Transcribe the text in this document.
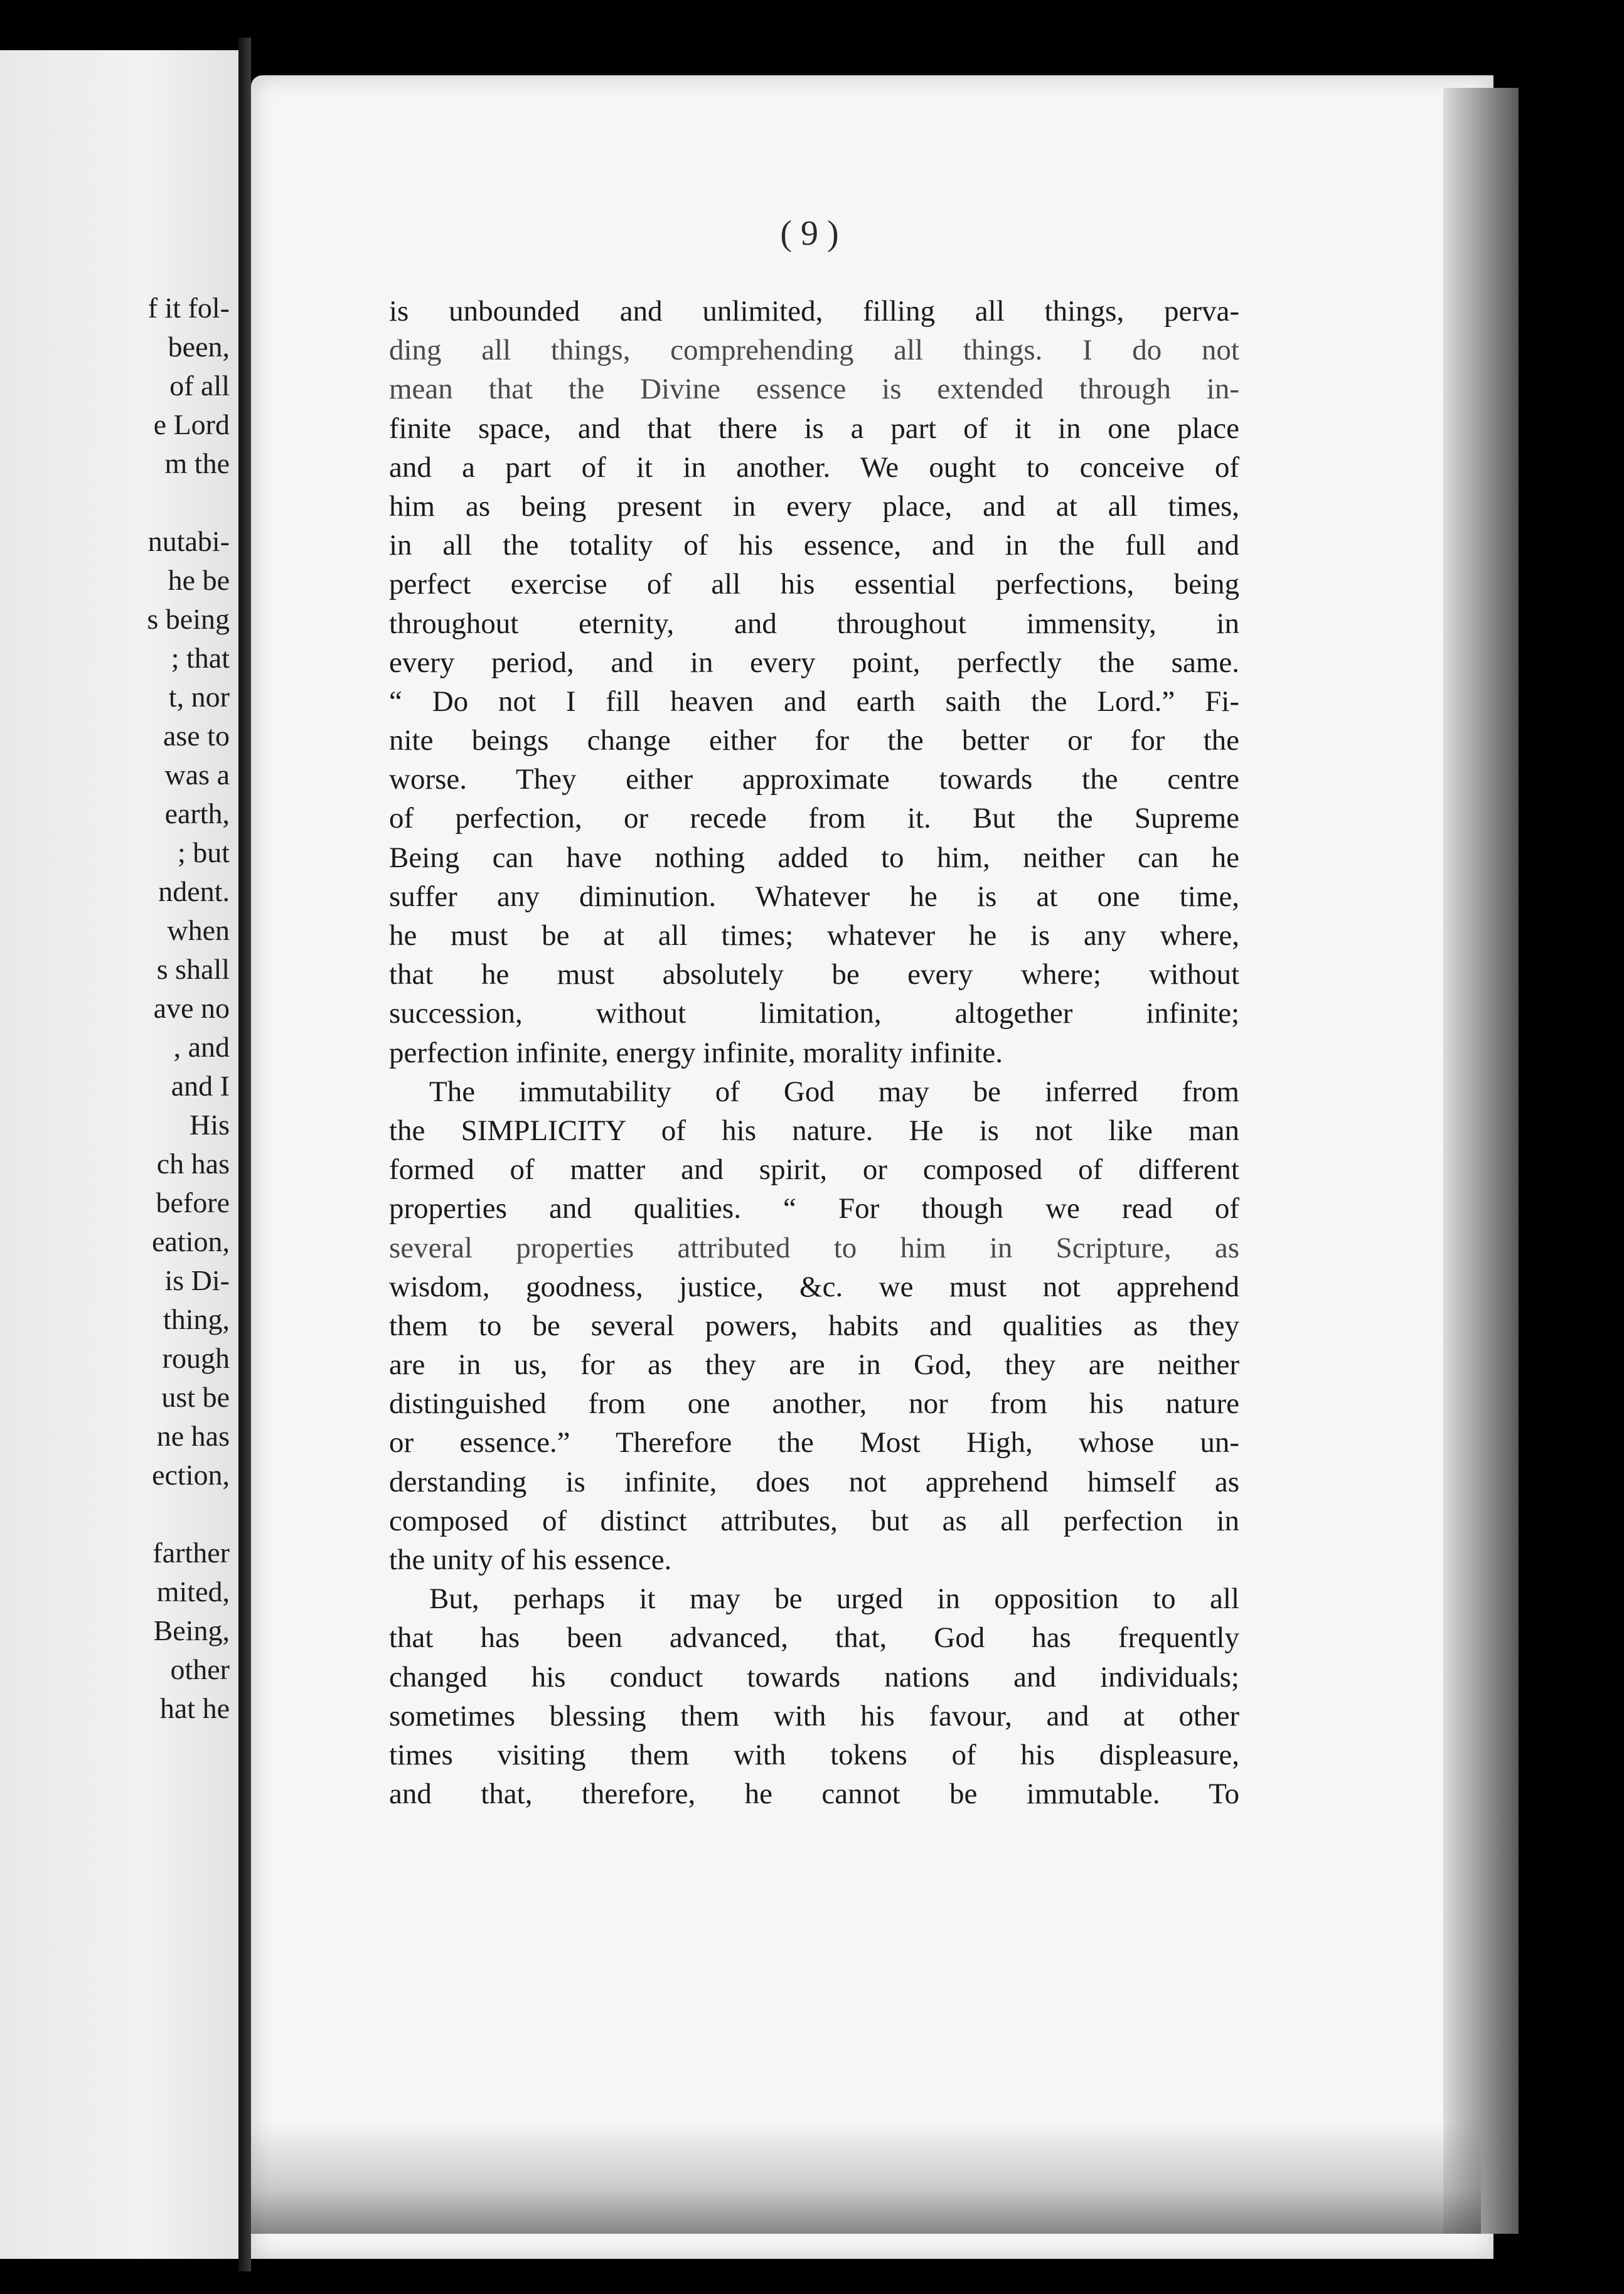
f it fol-
been,
of all
e Lord
m the
nutabi-
he be
s being
; that
t, nor
ase to
was a
earth,
; but
ndent.
when
s shall
ave no
, and
and I
His
ch has
before
eation,
is Di-
thing,
rough
ust be
ne has
ection,
farther
mited,
Being,
other
hat he
( 9 )
is unbounded and unlimited, filling all things, perva-
ding all things, comprehending all things. I do not
mean that the Divine essence is extended through in-
finite space, and that there is a part of it in one place
and a part of it in another. We ought to conceive of
him as being present in every place, and at all times,
in all the totality of his essence, and in the full and
perfect exercise of all his essential perfections, being
throughout eternity, and throughout immensity, in
every period, and in every point, perfectly the same.
“ Do not I fill heaven and earth saith the Lord.” Fi-
nite beings change either for the better or for the
worse. They either approximate towards the centre
of perfection, or recede from it. But the Supreme
Being can have nothing added to him, neither can he
suffer any diminution. Whatever he is at one time,
he must be at all times; whatever he is any where,
that he must absolutely be every where; without
succession, without limitation, altogether infinite;
perfection infinite, energy infinite, morality infinite.
The immutability of God may be inferred from
the SIMPLICITY of his nature. He is not like man
formed of matter and spirit, or composed of different
properties and qualities. “ For though we read of
several properties attributed to him in Scripture, as
wisdom, goodness, justice, &c. we must not apprehend
them to be several powers, habits and qualities as they
are in us, for as they are in God, they are neither
distinguished from one another, nor from his nature
or essence.” Therefore the Most High, whose un-
derstanding is infinite, does not apprehend himself as
composed of distinct attributes, but as all perfection in
the unity of his essence.
But, perhaps it may be urged in opposition to all
that has been advanced, that, God has frequently
changed his conduct towards nations and individuals;
sometimes blessing them with his favour, and at other
times visiting them with tokens of his displeasure,
and that, therefore, he cannot be immutable. To
